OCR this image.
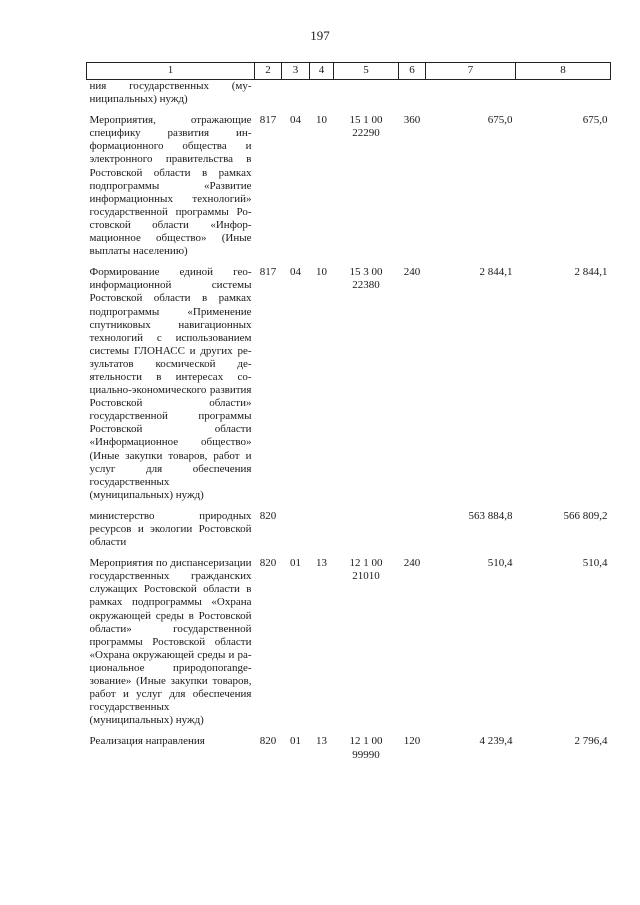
197
1	2	3	4	5	6	7	8
ния государственных (муниципальных) нужд)							
Мероприятия, отражающие специфику развития информационного общества и электронного правительства в Ростовской области в рамках подпрограммы «Развитие информационных технологий» государственной программы Ростовской области «Информационное общество» (Иные выплаты населению)	817	04	10	15 1 00 22290	360	675,0	675,0
Формирование единой геоинформационной системы Ростовской области в рамках подпрограммы «Применение спутниковых навигационных технологий с использованием системы ГЛОНАСС и других результатов космической деятельности в интересах социально-экономического развития Ростовской области» государственной программы Ростовской области «Информационное общество» (Иные закупки товаров, работ и услуг для обеспечения государственных (муниципальных) нужд)	817	04	10	15 3 00 22380	240	2 844,1	2 844,1
министерство природных ресурсов и экологии Ростовской области	820					563 884,8	566 809,2
Мероприятия по диспансеризации государственных гражданских служащих Ростовской области в рамках подпрограммы «Охрана окружающей среды в Ростовской области» государственной программы Ростовской области «Охрана окружающей среды и рациональное природопоrangeзование» (Иные закупки товаров, работ и услуг для обеспечения государственных (муниципальных) нужд)	820	01	13	12 1 00 21010	240	510,4	510,4
Реализация направления	820	01	13	12 1 00 99990	120	4 239,4	2 796,4
